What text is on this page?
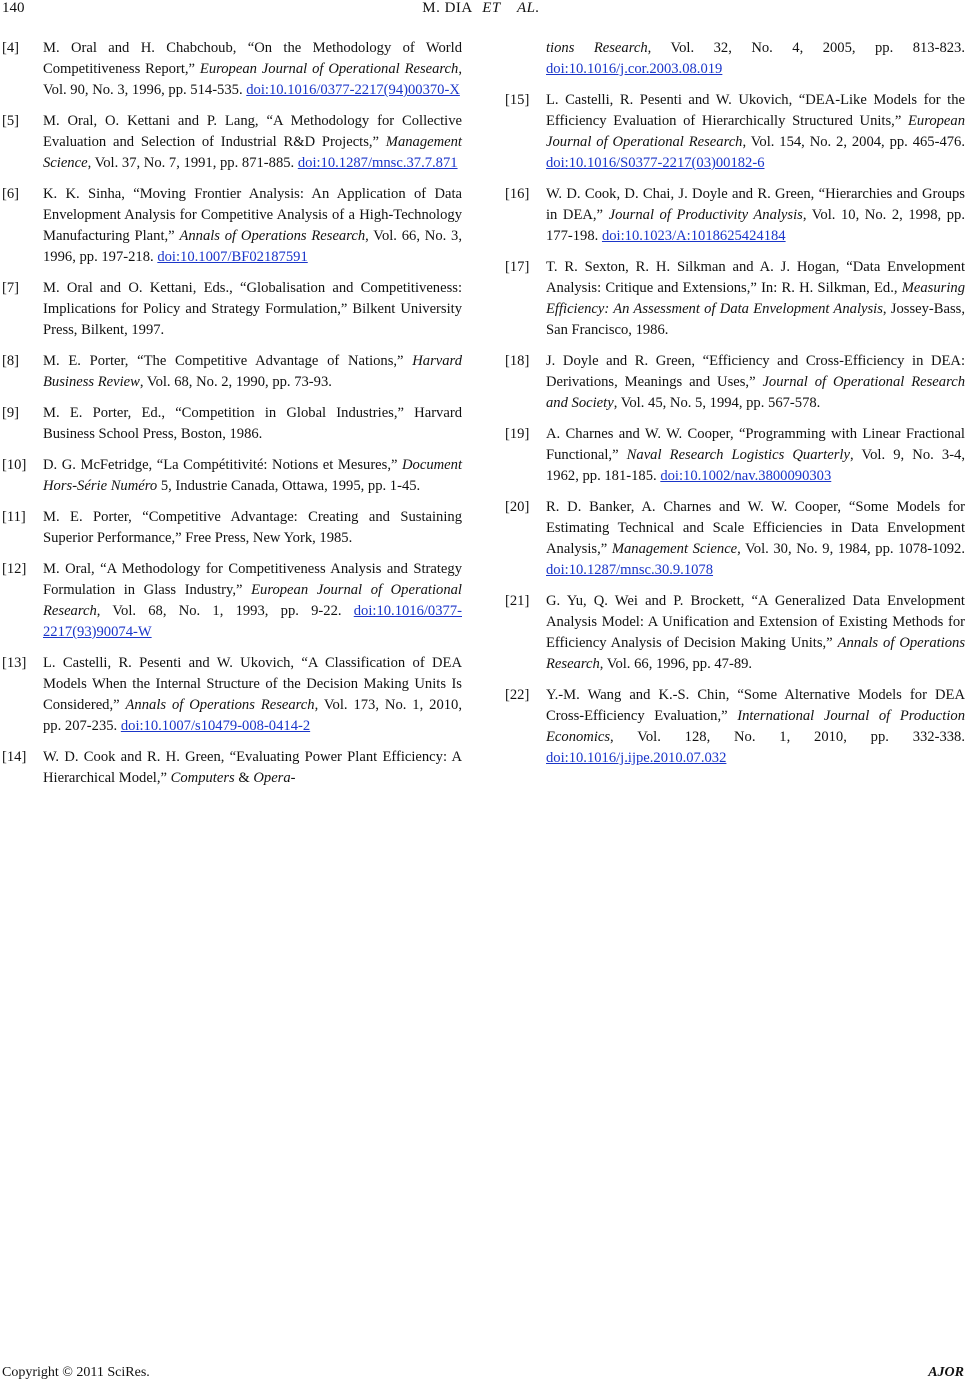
140	M. DIA ET AL.
[4] M. Oral and H. Chabchoub, “On the Methodology of World Competitiveness Report,” European Journal of Operational Research, Vol. 90, No. 3, 1996, pp. 514-535. doi:10.1016/0377-2217(94)00370-X
[5] M. Oral, O. Kettani and P. Lang, “A Methodology for Collective Evaluation and Selection of Industrial R&D Projects,” Management Science, Vol. 37, No. 7, 1991, pp. 871-885. doi:10.1287/mnsc.37.7.871
[6] K. K. Sinha, “Moving Frontier Analysis: An Application of Data Envelopment Analysis for Competitive Analysis of a High-Technology Manufacturing Plant,” Annals of Operations Research, Vol. 66, No. 3, 1996, pp. 197-218. doi:10.1007/BF02187591
[7] M. Oral and O. Kettani, Eds., “Globalisation and Competitiveness: Implications for Policy and Strategy Formulation,” Bilkent University Press, Bilkent, 1997.
[8] M. E. Porter, “The Competitive Advantage of Nations,” Harvard Business Review, Vol. 68, No. 2, 1990, pp. 73-93.
[9] M. E. Porter, Ed., “Competition in Global Industries,” Harvard Business School Press, Boston, 1986.
[10] D. G. McFetridge, “La Compétitivité: Notions et Mesures,” Document Hors-Série Numéro 5, Industrie Canada, Ottawa, 1995, pp. 1-45.
[11] M. E. Porter, “Competitive Advantage: Creating and Sustaining Superior Performance,” Free Press, New York, 1985.
[12] M. Oral, “A Methodology for Competitiveness Analysis and Strategy Formulation in Glass Industry,” European Journal of Operational Research, Vol. 68, No. 1, 1993, pp. 9-22. doi:10.1016/0377-2217(93)90074-W
[13] L. Castelli, R. Pesenti and W. Ukovich, “A Classification of DEA Models When the Internal Structure of the Decision Making Units Is Considered,” Annals of Operations Research, Vol. 173, No. 1, 2010, pp. 207-235. doi:10.1007/s10479-008-0414-2
[14] W. D. Cook and R. H. Green, “Evaluating Power Plant Efficiency: A Hierarchical Model,” Computers & Opera-
tions Research, Vol. 32, No. 4, 2005, pp. 813-823. doi:10.1016/j.cor.2003.08.019
[15] L. Castelli, R. Pesenti and W. Ukovich, “DEA-Like Models for the Efficiency Evaluation of Hierarchically Structured Units,” European Journal of Operational Research, Vol. 154, No. 2, 2004, pp. 465-476. doi:10.1016/S0377-2217(03)00182-6
[16] W. D. Cook, D. Chai, J. Doyle and R. Green, “Hierarchies and Groups in DEA,” Journal of Productivity Analysis, Vol. 10, No. 2, 1998, pp. 177-198. doi:10.1023/A:1018625424184
[17] T. R. Sexton, R. H. Silkman and A. J. Hogan, “Data Envelopment Analysis: Critique and Extensions,” In: R. H. Silkman, Ed., Measuring Efficiency: An Assessment of Data Envelopment Analysis, Jossey-Bass, San Francisco, 1986.
[18] J. Doyle and R. Green, “Efficiency and Cross-Efficiency in DEA: Derivations, Meanings and Uses,” Journal of Operational Research and Society, Vol. 45, No. 5, 1994, pp. 567-578.
[19] A. Charnes and W. W. Cooper, “Programming with Linear Fractional Functional,” Naval Research Logistics Quarterly, Vol. 9, No. 3-4, 1962, pp. 181-185. doi:10.1002/nav.3800090303
[20] R. D. Banker, A. Charnes and W. W. Cooper, “Some Models for Estimating Technical and Scale Efficiencies in Data Envelopment Analysis,” Management Science, Vol. 30, No. 9, 1984, pp. 1078-1092. doi:10.1287/mnsc.30.9.1078
[21] G. Yu, Q. Wei and P. Brockett, “A Generalized Data Envelopment Analysis Model: A Unification and Extension of Existing Methods for Efficiency Analysis of Decision Making Units,” Annals of Operations Research, Vol. 66, 1996, pp. 47-89.
[22] Y.-M. Wang and K.-S. Chin, “Some Alternative Models for DEA Cross-Efficiency Evaluation,” International Journal of Production Economics, Vol. 128, No. 1, 2010, pp. 332-338. doi:10.1016/j.ijpe.2010.07.032
Copyright © 2011 SciRes.	AJOR
